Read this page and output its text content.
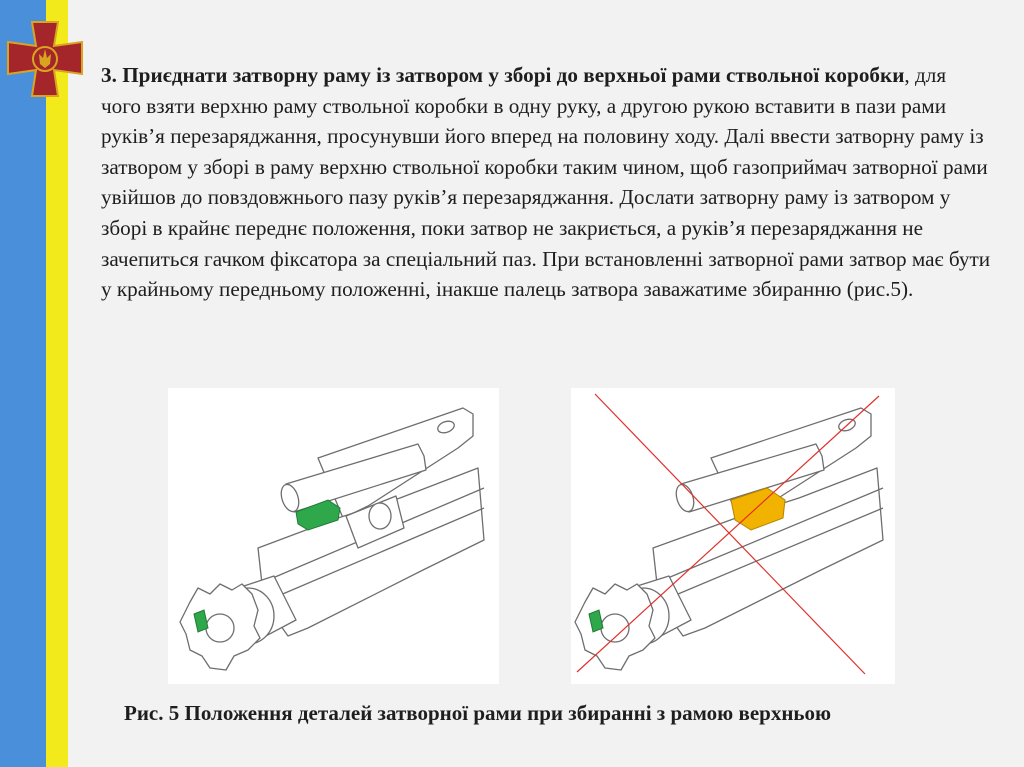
3. Приєднати затворну раму із затвором у зборі до верхньої рами ствольної коробки, для чого взяти верхню раму ствольної коробки в одну руку, а другою рукою вставити в пази рами руків’я перезаряджання, просунувши його вперед на половину ходу. Далі ввести затворну раму із затвором у зборі в раму верхню ствольної коробки таким чином, щоб газоприймач затворної рами увійшов до повздовжнього пазу руків’я перезаряджання. Дослати затворну раму із затвором у зборі в крайнє переднє положення, поки затвор не закриється, а руків’я перезаряджання не зачепиться гачком фіксатора за спеціальний паз. При встановленні затворної рами затвор має бути у крайньому передньому положенні, інакше палець затвора заважатиме збиранню (рис.5).

Рис. 5 Положення деталей затворної рами при збиранні з рамою верхньою
